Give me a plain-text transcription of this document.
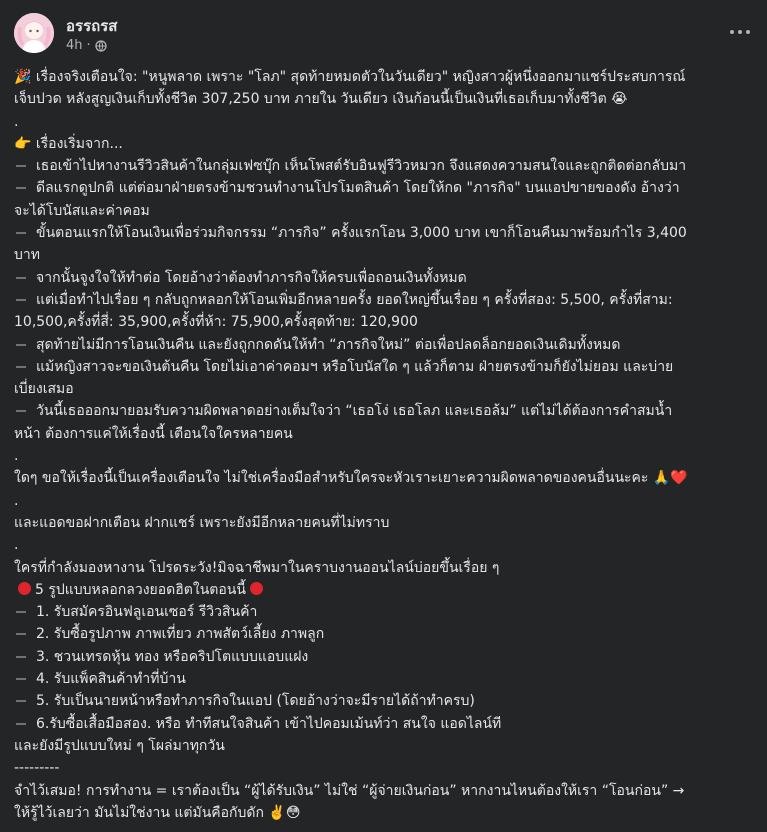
อรรถรส
4h ·
🎉 เรื่องจริงเตือนใจ: "หนูพลาด เพราะ "โลภ" สุดท้ายหมดตัวในวันเดียว" หญิงสาวผู้หนึ่งออกมาแชร์ประสบการณ์
เจ็บปวด หลังสูญเงินเก็บทั้งชีวิต 307,250 บาท ภายใน วันเดียว เงินก้อนนี้เป็นเงินที่เธอเก็บมาทั้งชีวิต 😭
.
👉 เรื่องเริ่มจาก...
เธอเข้าไปหางานรีวิวสินค้าในกลุ่มเฟซบุ๊ก เห็นโพสต์รับอินฟูรีวิวหมวก จึงแสดงความสนใจและถูกติดต่อกลับมา
ดีลแรกดูปกติ แต่ต่อมาฝ่ายตรงข้ามชวนทำงานโปรโมตสินค้า โดยให้กด "ภารกิจ" บนแอปขายของดัง อ้างว่า
จะได้โบนัสและค่าคอม
ขั้นตอนแรกให้โอนเงินเพื่อร่วมกิจกรรม “ภารกิจ” ครั้งแรกโอน 3,000 บาท เขาก็โอนคืนมาพร้อมกำไร 3,400
บาท
จากนั้นจูงใจให้ทำต่อ โดยอ้างว่าต้องทำภารกิจให้ครบเพื่อถอนเงินทั้งหมด
แต่เมื่อทำไปเรื่อย ๆ กลับถูกหลอกให้โอนเพิ่มอีกหลายครั้ง ยอดใหญ่ขึ้นเรื่อย ๆ ครั้งที่สอง: 5,500, ครั้งที่สาม:
10,500,ครั้งที่สี่: 35,900,ครั้งที่ห้า: 75,900,ครั้งสุดท้าย: 120,900
สุดท้ายไม่มีการโอนเงินคืน และยังถูกกดดันให้ทำ “ภารกิจใหม่” ต่อเพื่อปลดล็อกยอดเงินเดิมทั้งหมด
แม้หญิงสาวจะขอเงินต้นคืน โดยไม่เอาค่าคอมฯ หรือโบนัสใด ๆ แล้วก็ตาม ฝ่ายตรงข้ามก็ยังไม่ยอม และบ่าย
เบี่ยงเสมอ
วันนี้เธอออกมายอมรับความผิดพลาดอย่างเต็มใจว่า “เธอโง่ เธอโลภ และเธอล้ม” แต่ไม่ได้ต้องการคำสมน้ำ
หน้า ต้องการแค่ให้เรื่องนี้ เตือนใจใครหลายคน
.
ใดๆ ขอให้เรื่องนี้เป็นเครื่องเตือนใจ ไม่ใช่เครื่องมือสำหรับใครจะหัวเราะเยาะความผิดพลาดของคนอื่นนะคะ 🙏❤️
.
และแอดขอฝากเตือน ฝากแชร์ เพราะยังมีอีกหลายคนที่ไม่ทราบ
.
ใครที่กำลังมองหางาน โปรดระวัง!มิจฉาชีพมาในคราบงานออนไลน์บ่อยขึ้นเรื่อย ๆ
5 รูปแบบหลอกลวงยอดฮิตในตอนนี้
1. รับสมัครอินฟลูเอนเซอร์ รีวิวสินค้า
2. รับซื้อรูปภาพ ภาพเที่ยว ภาพสัตว์เลี้ยง ภาพลูก
3. ชวนเทรดหุ้น ทอง หรือคริปโตแบบแอบแฝง
4. รับแพ็คสินค้าทำที่บ้าน
5. รับเป็นนายหน้าหรือทำภารกิจในแอป (โดยอ้างว่าจะมีรายได้ถ้าทำครบ)
6.รับซื้อเสื้อมือสอง. หรือ ทำทีสนใจสินค้า เข้าไปคอมเม้นท์ว่า สนใจ แอดไลน์ที
และยังมีรูปแบบใหม่ ๆ โผล่มาทุกวัน
---------
จำไว้เสมอ! การทำงาน = เราต้องเป็น “ผู้ได้รับเงิน” ไม่ใช่ “ผู้จ่ายเงินก่อน” หากงานไหนต้องให้เรา “โอนก่อน” →
ให้รู้ไว้เลยว่า มันไม่ใช่งาน แต่มันคือกับดัก ✌️😳
